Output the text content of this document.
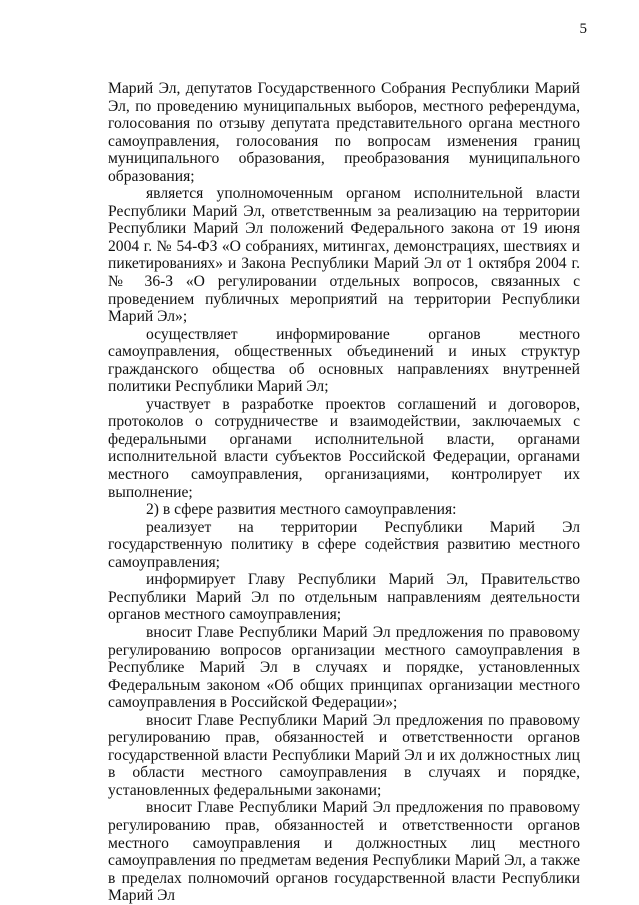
5

Марий Эл, депутатов Государственного Собрания Республики Марий Эл, по проведению муниципальных выборов, местного референдума, голосования по отзыву депутата представительного органа местного самоуправления, голосования по вопросам изменения границ муниципального образования, преобразования муниципального образования;

является уполномоченным органом исполнительной власти Республики Марий Эл, ответственным за реализацию на территории Республики Марий Эл положений Федерального закона от 19 июня 2004 г. № 54-ФЗ «О собраниях, митингах, демонстрациях, шествиях и пикетированиях» и Закона Республики Марий Эл от 1 октября 2004 г. № 36-З «О регулировании отдельных вопросов, связанных с проведением публичных мероприятий на территории Республики Марий Эл»;

осуществляет информирование органов местного самоуправления, общественных объединений и иных структур гражданского общества об основных направлениях внутренней политики Республики Марий Эл;

участвует в разработке проектов соглашений и договоров, протоколов о сотрудничестве и взаимодействии, заключаемых с федеральными органами исполнительной власти, органами исполнительной власти субъектов Российской Федерации, органами местного самоуправления, организациями, контролирует их выполнение;

2) в сфере развития местного самоуправления:

реализует на территории Республики Марий Эл государственную политику в сфере содействия развитию местного самоуправления;

информирует Главу Республики Марий Эл, Правительство Республики Марий Эл по отдельным направлениям деятельности органов местного самоуправления;

вносит Главе Республики Марий Эл предложения по правовому регулированию вопросов организации местного самоуправления в Республике Марий Эл в случаях и порядке, установленных Федеральным законом «Об общих принципах организации местного самоуправления в Российской Федерации»;

вносит Главе Республики Марий Эл предложения по правовому регулированию прав, обязанностей и ответственности органов государственной власти Республики Марий Эл и их должностных лиц в области местного самоуправления в случаях и порядке, установленных федеральными законами;

вносит Главе Республики Марий Эл предложения по правовому регулированию прав, обязанностей и ответственности органов местного самоуправления и должностных лиц местного самоуправления по предметам ведения Республики Марий Эл, а также в пределах полномочий органов государственной власти Республики Марий Эл
